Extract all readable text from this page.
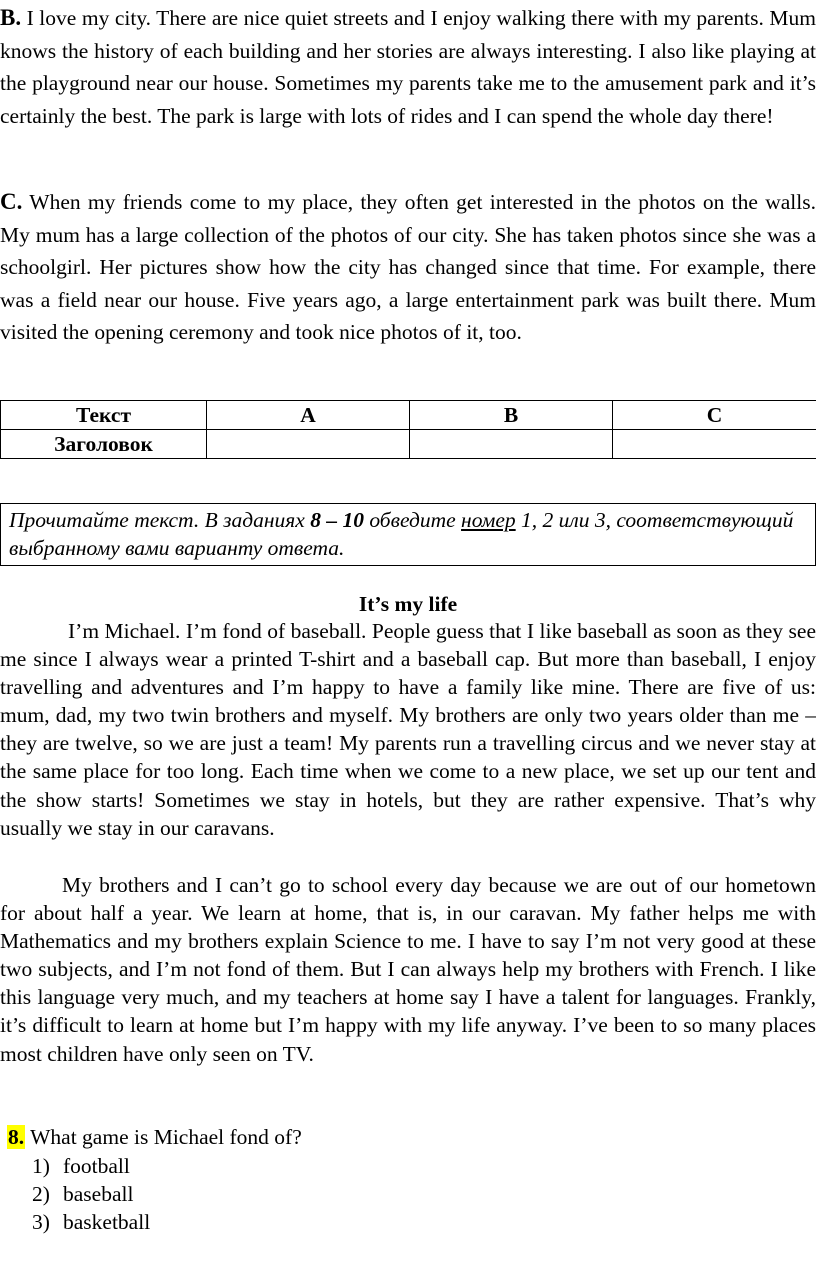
B. I love my city. There are nice quiet streets and I enjoy walking there with my parents. Mum knows the history of each building and her stories are always interesting. I also like playing at the playground near our house. Sometimes my parents take me to the amusement park and it’s certainly the best. The park is large with lots of rides and I can spend the whole day there!

C. When my friends come to my place, they often get interested in the photos on the walls. My mum has a large collection of the photos of our city. She has taken photos since she was a schoolgirl. Her pictures show how the city has changed since that time. For example, there was a field near our house. Five years ago, a large entertainment park was built there. Mum visited the opening ceremony and took nice photos of it, too.

Текст	A	B	C
Заголовок			
Прочитайте текст. В заданиях 8 – 10 обведите номер 1, 2 или 3, соответствующий выбранному вами варианту ответа.
It’s my life

I’m Michael. I’m fond of baseball. People guess that I like baseball as soon as they see me since I always wear a printed T-shirt and a baseball cap. But more than baseball, I enjoy travelling and adventures and I’m happy to have a family like mine. There are five of us: mum, dad, my two twin brothers and myself. My brothers are only two years older than me – they are twelve, so we are just a team! My parents run a travelling circus and we never stay at the same place for too long. Each time when we come to a new place, we set up our tent and the show starts! Sometimes we stay in hotels, but they are rather expensive. That’s why usually we stay in our caravans.

My brothers and I can’t go to school every day because we are out of our hometown for about half a year. We learn at home, that is, in our caravan. My father helps me with Mathematics and my brothers explain Science to me. I have to say I’m not very good at these two subjects, and I’m not fond of them. But I can always help my brothers with French. I like this language very much, and my teachers at home say I have a talent for languages. Frankly, it’s difficult to learn at home but I’m happy with my life anyway. I’ve been to so many places most children have only seen on TV.

8. What game is Michael fond of?
1) football
2) baseball
3) basketball
